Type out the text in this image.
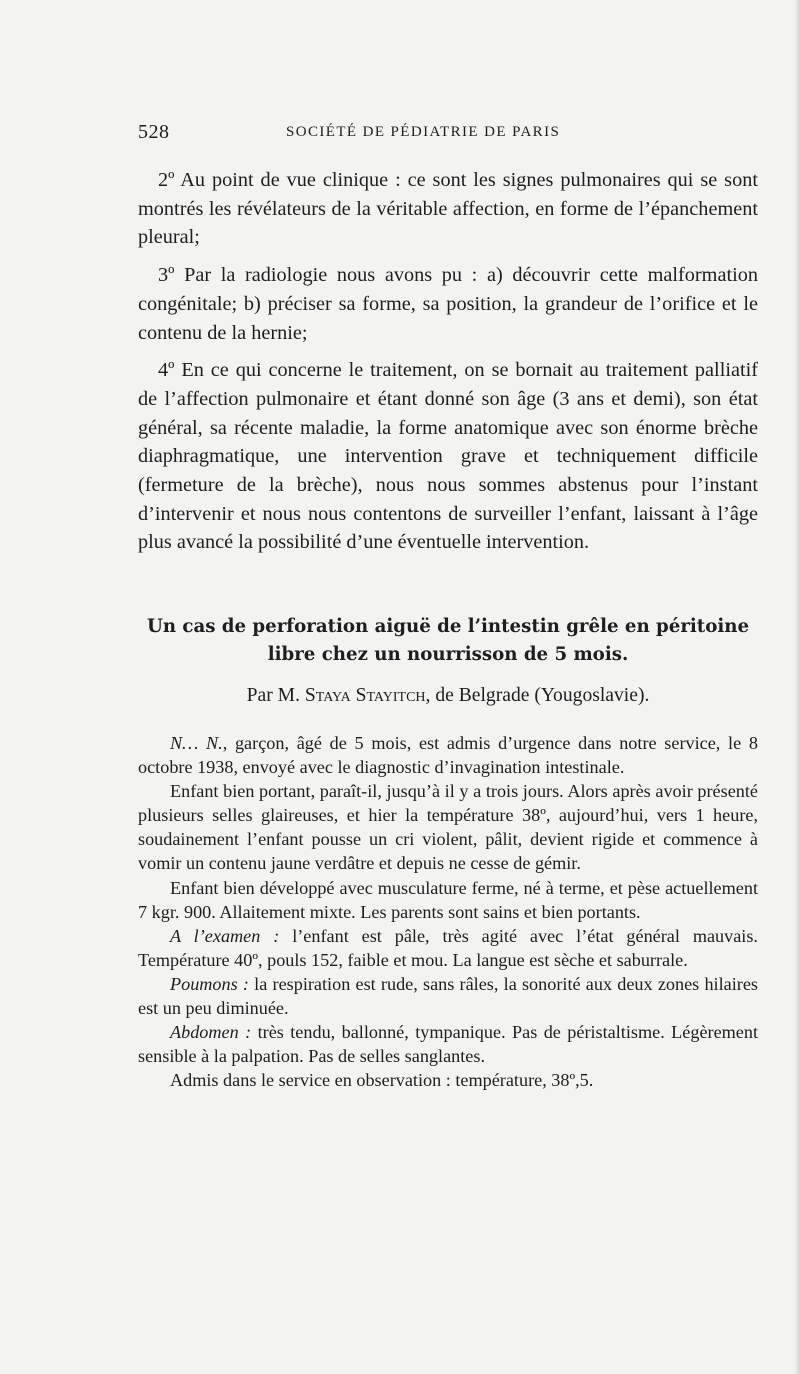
528	SOCIÉTÉ DE PÉDIATRIE DE PARIS

2º Au point de vue clinique : ce sont les signes pulmonaires qui se sont montrés les révélateurs de la véritable affection, en forme de l’épanchement pleural;

3º Par la radiologie nous avons pu : a) découvrir cette malformation congénitale; b) préciser sa forme, sa position, la grandeur de l’orifice et le contenu de la hernie;

4º En ce qui concerne le traitement, on se bornait au traitement palliatif de l’affection pulmonaire et étant donné son âge (3 ans et demi), son état général, sa récente maladie, la forme anatomique avec son énorme brèche diaphragmatique, une intervention grave et techniquement difficile (fermeture de la brèche), nous nous sommes abstenus pour l’instant d’intervenir et nous nous contentons de surveiller l’enfant, laissant à l’âge plus avancé la possibilité d’une éventuelle intervention.

Un cas de perforation aiguë de l’intestin grêle en péritoine libre chez un nourrisson de 5 mois.

Par M. Staya Stayitch, de Belgrade (Yougoslavie).

N… N., garçon, âgé de 5 mois, est admis d’urgence dans notre service, le 8 octobre 1938, envoyé avec le diagnostic d’invagination intestinale.

Enfant bien portant, paraît-il, jusqu’à il y a trois jours. Alors après avoir présenté plusieurs selles glaireuses, et hier la température 38º, aujourd’hui, vers 1 heure, soudainement l’enfant pousse un cri violent, pâlit, devient rigide et commence à vomir un contenu jaune verdâtre et depuis ne cesse de gémir.

Enfant bien développé avec musculature ferme, né à terme, et pèse actuellement 7 kgr. 900. Allaitement mixte. Les parents sont sains et bien portants.

A l’examen : l’enfant est pâle, très agité avec l’état général mauvais. Température 40º, pouls 152, faible et mou. La langue est sèche et saburrale.

Poumons : la respiration est rude, sans râles, la sonorité aux deux zones hilaires est un peu diminuée.

Abdomen : très tendu, ballonné, tympanique. Pas de péristaltisme. Légèrement sensible à la palpation. Pas de selles sanglantes.

Admis dans le service en observation : température, 38º,5.
